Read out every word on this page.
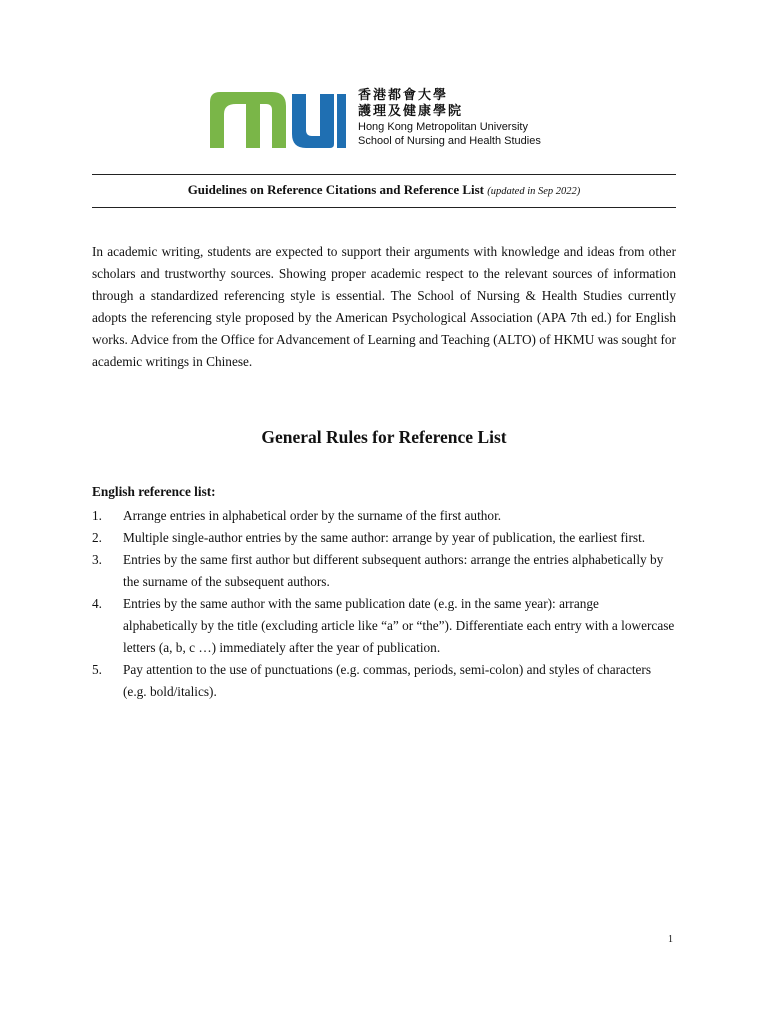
香港都會大學
護理及健康學院
Hong Kong Metropolitan University
School of Nursing and Health Studies
Guidelines on Reference Citations and Reference List (updated in Sep 2022)

In academic writing, students are expected to support their arguments with knowledge and ideas from other scholars and trustworthy sources. Showing proper academic respect to the relevant sources of information through a standardized referencing style is essential. The School of Nursing & Health Studies currently adopts the referencing style proposed by the American Psychological Association (APA 7th ed.) for English works. Advice from the Office for Advancement of Learning and Teaching (ALTO) of HKMU was sought for academic writings in Chinese.

General Rules for Reference List

English reference list:

1.	Arrange entries in alphabetical order by the surname of the first author.
2.	Multiple single-author entries by the same author: arrange by year of publication, the earliest first.
3.	Entries by the same first author but different subsequent authors: arrange the entries alphabetically by the surname of the subsequent authors.
4.	Entries by the same author with the same publication date (e.g. in the same year): arrange alphabetically by the title (excluding article like “a” or “the”). Differentiate each entry with a lowercase letters (a, b, c …) immediately after the year of publication.
5.	Pay attention to the use of punctuations (e.g. commas, periods, semi-colon) and styles of characters (e.g. bold/italics).
1
